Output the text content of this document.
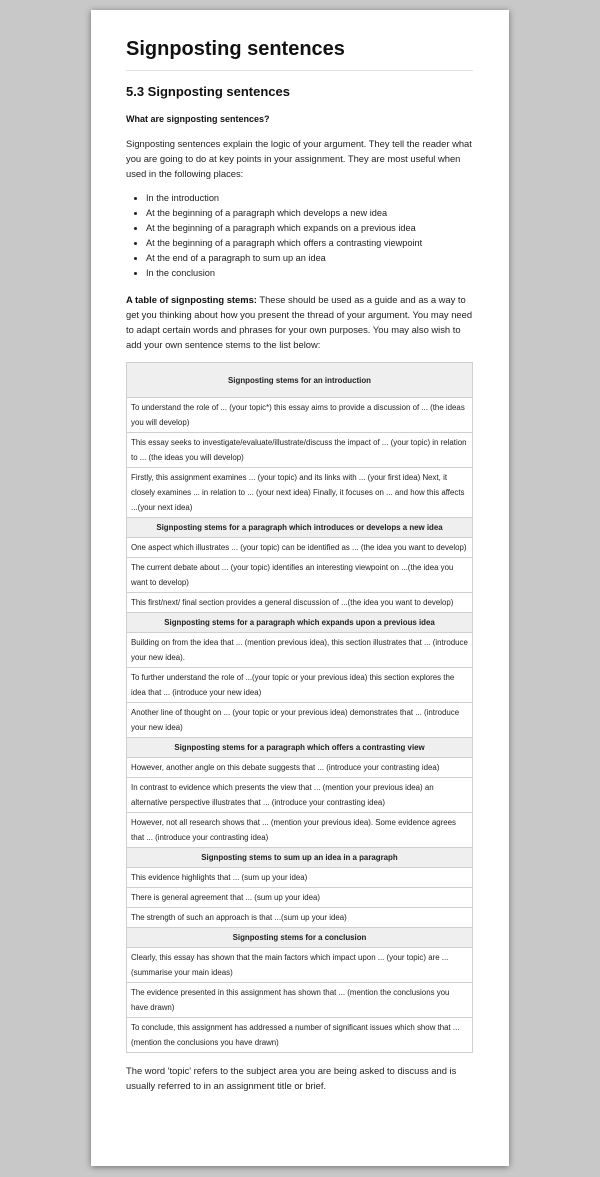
Signposting sentences
5.3 Signposting sentences

What are signposting sentences?

Signposting sentences explain the logic of your argument. They tell the reader what you are going to do at key points in your assignment. They are most useful when used in the following places:

• In the introduction
• At the beginning of a paragraph which develops a new idea
• At the beginning of a paragraph which expands on a previous idea
• At the beginning of a paragraph which offers a contrasting viewpoint
• At the end of a paragraph to sum up an idea
• In the conclusion

A table of signposting stems: These should be used as a guide and as a way to get you thinking about how you present the thread of your argument. You may need to adapt certain words and phrases for your own purposes. You may also wish to add your own sentence stems to the list below:

Signposting stems for an introduction
To understand the role of ... (your topic*) this essay aims to provide a discussion of ... (the ideas you will develop)
This essay seeks to investigate/evaluate/illustrate/discuss the impact of ... (your topic) in relation to ... (the ideas you will develop)
Firstly, this assignment examines ... (your topic) and its links with ... (your first idea) Next, it closely examines ... in relation to ... (your next idea) Finally, it focuses on ... and how this affects ...(your next idea)
Signposting stems for a paragraph which introduces or develops a new idea
One aspect which illustrates ... (your topic) can be identified as ... (the idea you want to develop)
The current debate about ... (your topic) identifies an interesting viewpoint on ...(the idea you want to develop)
This first/next/ final section provides a general discussion of ...(the idea you want to develop)
Signposting stems for a paragraph which expands upon a previous idea
Building on from the idea that ... (mention previous idea), this section illustrates that ... (introduce your new idea).
To further understand the role of ...(your topic or your previous idea) this section explores the idea that ... (introduce your new idea)
Another line of thought on ... (your topic or your previous idea) demonstrates that ... (introduce your new idea)
Signposting stems for a paragraph which offers a contrasting view
However, another angle on this debate suggests that ... (introduce your contrasting idea)
In contrast to evidence which presents the view that ... (mention your previous idea) an alternative perspective illustrates that ... (introduce your contrasting idea)
However, not all research shows that ... (mention your previous idea). Some evidence agrees that ... (introduce your contrasting idea)
Signposting stems to sum up an idea in a paragraph
This evidence highlights that ... (sum up your idea)
There is general agreement that ... (sum up your idea)
The strength of such an approach is that ...(sum up your idea)
Signposting stems for a conclusion
Clearly, this essay has shown that the main factors which impact upon ... (your topic) are ...(summarise your main ideas)
The evidence presented in this assignment has shown that ... (mention the conclusions you have drawn)
To conclude, this assignment has addressed a number of significant issues which show that ... (mention the conclusions you have drawn)

The word 'topic' refers to the subject area you are being asked to discuss and is usually referred to in an assignment title or brief.
